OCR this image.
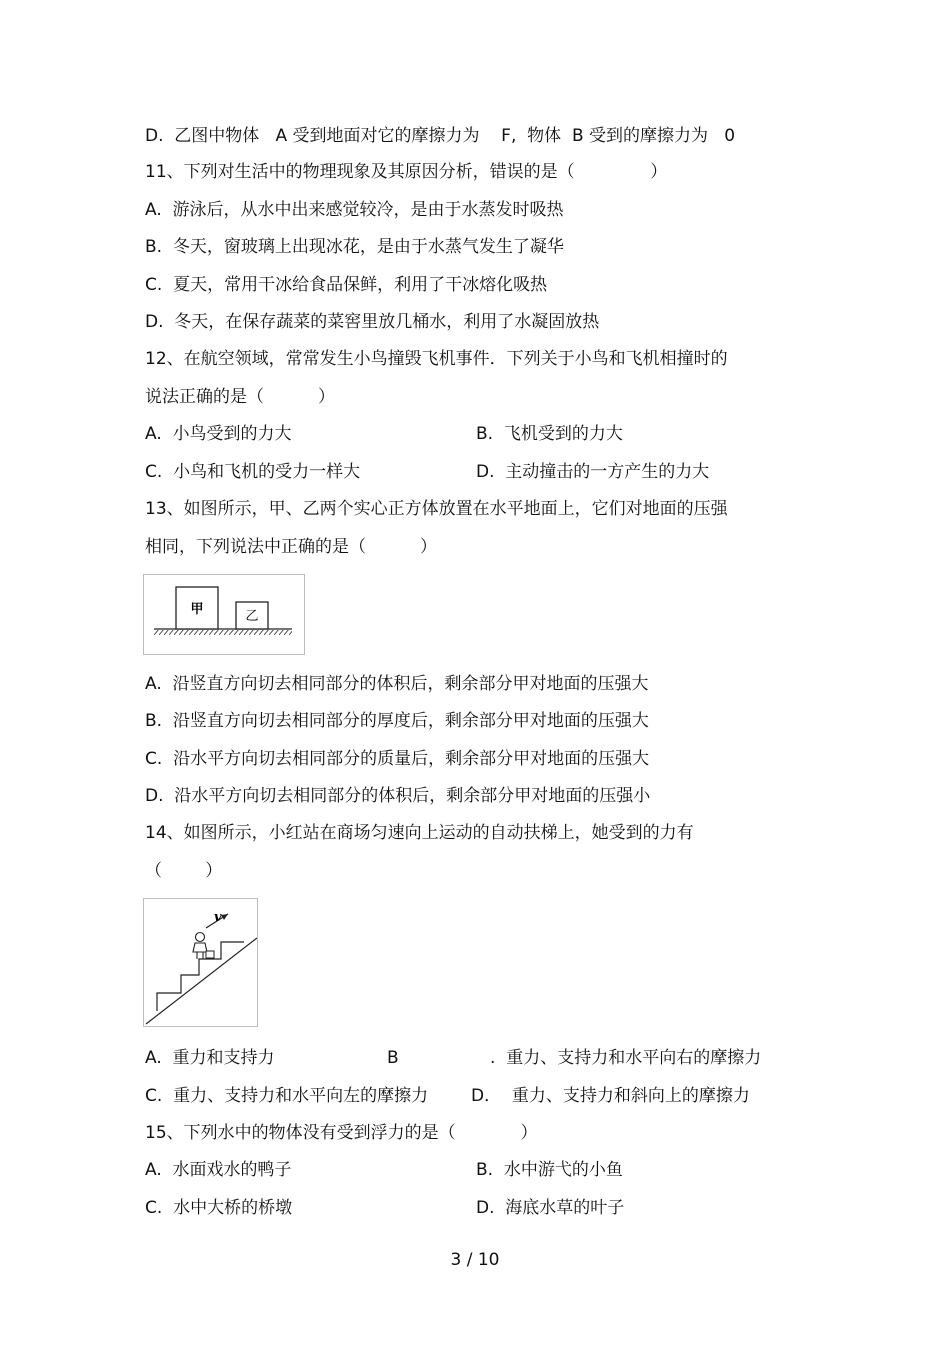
D.  乙图中物体   A 受到地面对它的摩擦力为    F,  物体  B 受到的摩擦力为   0
11、下列对生活中的物理现象及其原因分析，错误的是（              ）
A.  游泳后，从水中出来感觉较冷，是由于水蒸发时吸热
B.  冬天，窗玻璃上出现冰花，是由于水蒸气发生了凝华
C.  夏天，常用干冰给食品保鲜，利用了干冰熔化吸热
D.  冬天，在保存蔬菜的菜窖里放几桶水，利用了水凝固放热
12、在航空领域，常常发生小鸟撞毁飞机事件．下列关于小鸟和飞机相撞时的
说法正确的是（          ）
A.  小鸟受到的力大	B.  飞机受到的力大
C.  小鸟和飞机的受力一样大	D.  主动撞击的一方产生的力大
13、如图所示，甲、乙两个实心正方体放置在水平地面上，它们对地面的压强
相同，下列说法中正确的是（          ）
甲	乙
A.  沿竖直方向切去相同部分的体积后，剩余部分甲对地面的压强大
B.  沿竖直方向切去相同部分的厚度后，剩余部分甲对地面的压强大
C.  沿水平方向切去相同部分的质量后，剩余部分甲对地面的压强大
D.  沿水平方向切去相同部分的体积后，剩余部分甲对地面的压强小
14、如图所示，小红站在商场匀速向上运动的自动扶梯上，她受到的力有
（        ）
v
A.  重力和支持力	B	.  重力、支持力和水平向右的摩擦力
C.  重力、支持力和水平向左的摩擦力	D．  重力、支持力和斜向上的摩擦力
15、下列水中的物体没有受到浮力的是（            ）
A.  水面戏水的鸭子	B.  水中游弋的小鱼
C.  水中大桥的桥墩	D.  海底水草的叶子
3 / 10
